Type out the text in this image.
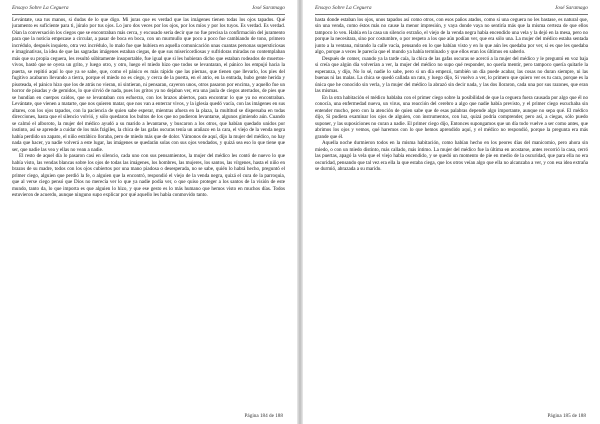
Ensayo Sobre La Ceguera	José Saramago

Levántate, usa tus manos, si dudas de lo que digo. Mi juras que es verdad que las imágenes tienen todas los ojos tapados. Qué juramento es suficiente para ti, júralo por tus ojos. Lo juro dos veces por los ojos, por los míos y por los tuyos. Es verdad. Es verdad. Oían la conversación los ciegos que se encontraban más cerca, y excusado sería decir que no fue precisa la confirmación del juramento para que la noticia empezase a circular, a pasar de boca en boca, con un murmullo que poco a poco fue cambiando de tono, primero incrédulo, después inquieto, otra vez incrédulo, lo malo fue que hubiera en aquella comunicación unas cuantas personas supersticiosas e imaginativas, la idea de que las sagradas imágenes estaban ciegas, de que sus misericordiosas y sufridoras miradas no contemplaban más que su propia ceguera, les resultó súbitamente insoportable, fue igual que si les hubieran dicho que estaban rodeados de muertos-vivos, bastó que se oyera un grito, y luego otro, y otro, luego el miedo hizo que todos se levantaran, el pánico los empujó hacia la puerta, se repitió aquí lo que ya se sabe, que, como el pánico es más rápido que las piernas, que tienen que llevarlo, los pies del fugitivo acabaron llevando a tierra, porque el miedo no es ciego, y cerca de la puerta, en el atrio, en la entrada, hubo gente herida y pisoteada, el pánico hizo que los de atrás no vieran, ni sintieran, ni pensaran, cayeron unos, otros pasaron por encima, y aquello fue un horror de pisadas y de gemidos, lo que sirvió de nada, pues los gritos ya no dejaban ver, era una jaula de ciegos aterrados, de pies que se hundían en cuerpos caídos, que se levantaban con esfuerzo, con los brazos abiertos, para encontrar lo que ya no encontraban. Levántate, que vienen a matarte, que nos quieren matar, que nos van a enterrar vivos, y la iglesia quedó vacía, con las imágenes en sus altares, con los ojos tapados, con la paciencia de quien sabe esperar, mientras afuera en la plaza, la multitud se dispersaba en todas direcciones, hasta que el silencio volvió, y sólo quedaron los bultos de los que no pudieron levantarse, algunos gimiendo aún. Cuando se calmó el alboroto, la mujer del médico ayudó a su marido a levantarse, y buscaron a los otros, que habían quedado unidos por instinto, así se aprende a cuidar de los más frágiles, la chica de las gafas oscuras tenía un arañazo en la cara, el viejo de la venda negra había perdido un zapato, el niño estrábico lloraba, pero de miedo más que de dolor. Vámonos de aquí, dijo la mujer del médico, no hay nada que hacer, ya nadie volverá a este lugar, las imágenes se quedarán solas con sus ojos vendados, y quizá sea eso lo que tiene que ser, que nadie las vea y ellas no vean a nadie.

El resto de aquel día lo pasaron casi en silencio, cada uno con sus pensamientos, la mujer del médico les contó de nuevo lo que había visto, las vendas blancas sobre los ojos de todas las imágenes, los hombres, las mujeres, los santos, las vírgenes, hasta el niño en brazos de su madre, todos con los ojos cubiertos por una mano piadosa o desesperada, no se sabe, quién lo habrá hecho, preguntó el primer ciego, alguien que perdió la fe, o alguien que la encontró, respondió el viejo de la venda negra, quizá el cura de la parroquia, que al verse ciego pensó que Dios no merecía ver lo que ya nadie podía ver, o que quiso proteger a los santos de la visión de este mundo, tanto da, lo que importa es que alguien lo hizo, y que ese gesto es lo más humano que hemos visto en muchos días. Todos estuvieron de acuerdo, aunque ninguno supo explicar por qué aquello les había conmovido tanto.

Página 184 de 188
Ensayo Sobre La Ceguera	José Saramago

hasta donde estaban los ojos, unos tapados así como otros, con esos paños atados, como si una ceguera no les bastase, es natural que, sin una venda, como éstos más no cause la menor impresión, y vaya donde vaya no sentiría más que la misma certeza de que ellos tampoco lo ven. Había en la casa un silencio extraño, el viejo de la venda negra había encendido una vela y la dejó en la mesa, pero no porque la necesitara, sino por costumbre, o por respeto a los que aún podían ver, que era sólo una. La mujer del médico estaba sentada junto a la ventana, mirando la calle vacía, pensando en lo que habían visto y en lo que aún les quedaba por ver, si es que les quedaba algo, porque a veces le parecía que el mundo ya había terminado y que ellos eran los últimos en saberlo.

Después de comer, cuando ya la tarde caía, la chica de las gafas oscuras se acercó a la mujer del médico y le preguntó en voz baja si creía que algún día volverían a ver, la mujer del médico no supo qué responder, no quería mentir, pero tampoco quería quitarle la esperanza, y dijo, No lo sé, nadie lo sabe, pero si un día empezó, también un día puede acabar, las cosas no duran siempre, ni las buenas ni las malas. La chica se quedó callada un rato, y luego dijo, Si vuelvo a ver, lo primero que quiero ver es tu cara, porque es la única que he conocido sin verla, y la mujer del médico la abrazó sin decir nada, y las dos lloraron, cada una por sus razones, que eran las mismas.

En la otra habitación el médico hablaba con el primer ciego sobre la posibilidad de que la ceguera fuera causada por algo que él no conocía, una enfermedad nueva, un virus, una reacción del cerebro a algo que nadie había previsto, y el primer ciego escuchaba sin entender mucho, pero con la atención de quien sabe que de esas palabras depende algo importante, aunque no sepa qué. El médico dijo, Si pudiera examinar los ojos de alguien, con instrumentos, con luz, quizá podría comprender, pero así, a ciegas, sólo puedo suponer, y las suposiciones no curan a nadie. El primer ciego dijo, Entonces supongamos que un día todo vuelve a ser como antes, que abrimos los ojos y vemos, qué haremos con lo que hemos aprendido aquí, y el médico no respondió, porque la pregunta era más grande que él.

Aquella noche durmieron todos en la misma habitación, como habían hecho en los peores días del manicomio, pero ahora sin miedo, o con un miedo distinto, más callado, más íntimo. La mujer del médico fue la última en acostarse, antes recorrió la casa, cerró las puertas, apagó la vela que el viejo había encendido, y se quedó un momento de pie en medio de la oscuridad, que para ella no era oscuridad, pensando que tal vez era ella la que estaba ciega, que los otros veían algo que ella no alcanzaba a ver, y con esa idea extraña se durmió, abrazada a su marido.

Página 185 de 188
